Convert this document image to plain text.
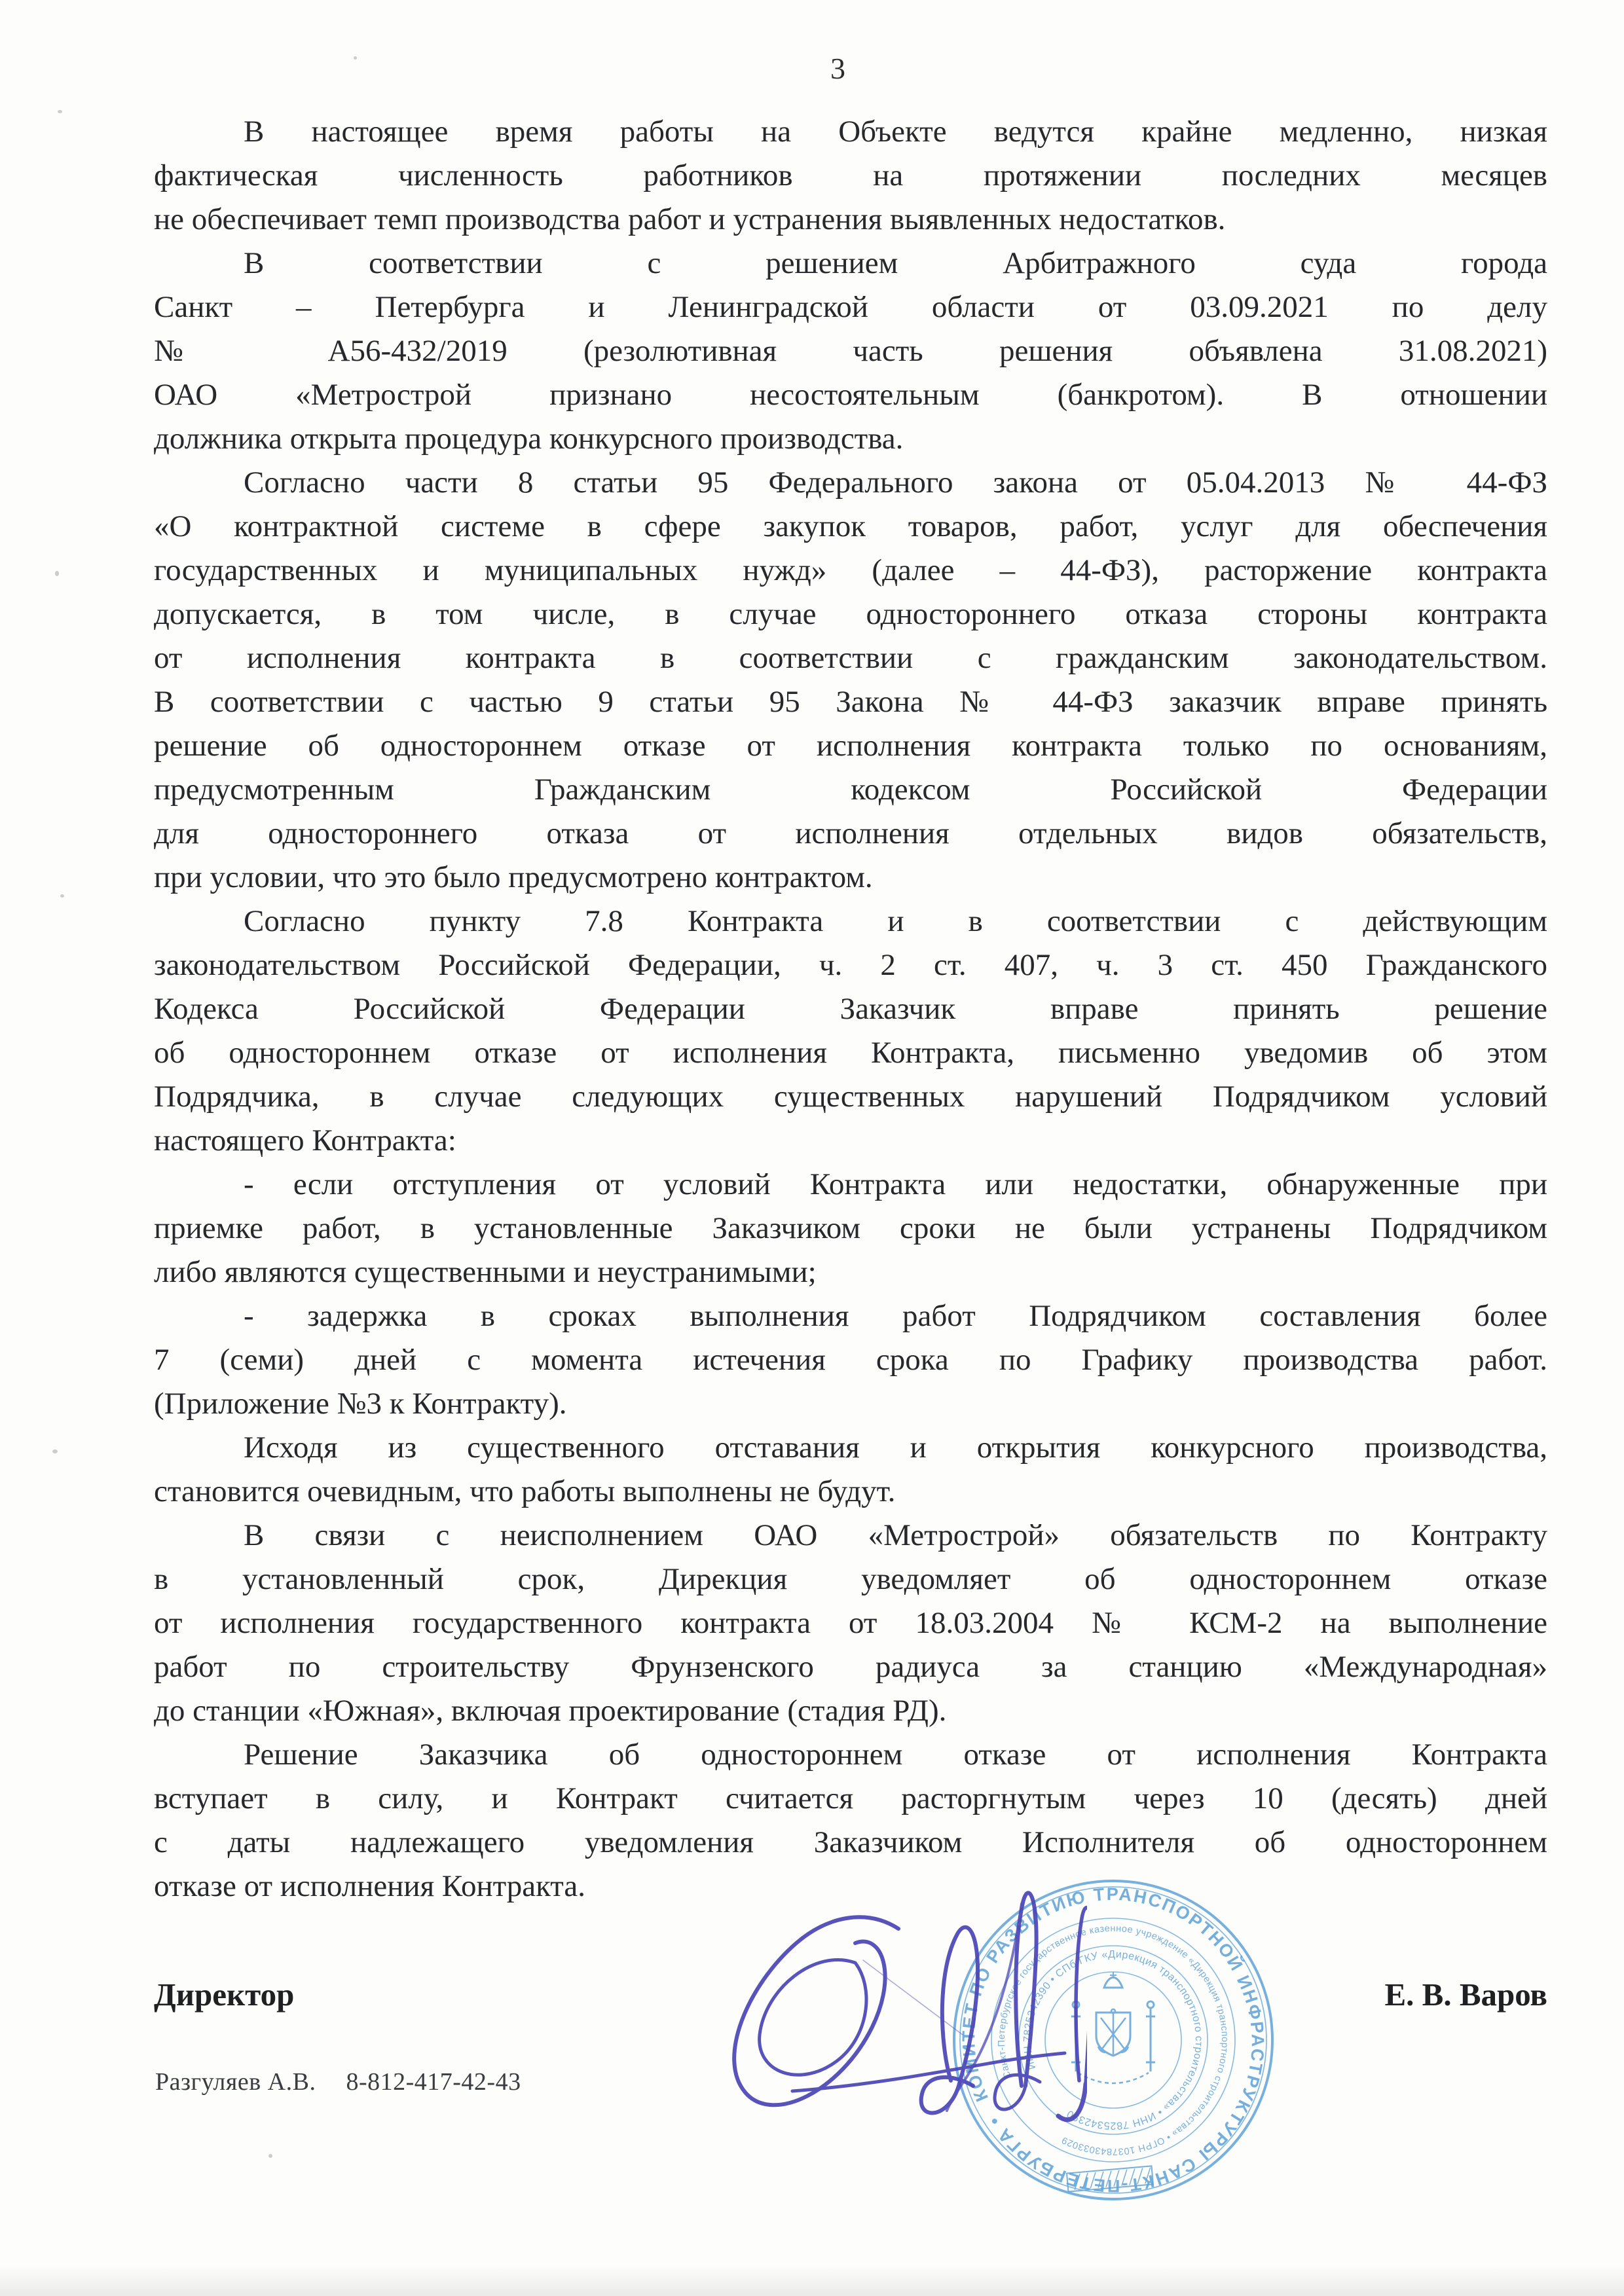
3
В настоящее время работы на Объекте ведутся крайне медленно, низкая
фактическая численность работников на протяжении последних месяцев
не обеспечивает темп производства работ и устранения выявленных недостатков.
В соответствии с решением Арбитражного суда города
Санкт – Петербурга и Ленинградской области от 03.09.2021 по делу
№ А56-432/2019 (резолютивная часть решения объявлена 31.08.2021)
ОАО «Метрострой признано несостоятельным (банкротом). В отношении
должника открыта процедура конкурсного производства.
Согласно части 8 статьи 95 Федерального закона от 05.04.2013 № 44-ФЗ
«О контрактной системе в сфере закупок товаров, работ, услуг для обеспечения
государственных и муниципальных нужд» (далее – 44-ФЗ), расторжение контракта
допускается, в том числе, в случае одностороннего отказа стороны контракта
от исполнения контракта в соответствии с гражданским законодательством.
В соответствии с частью 9 статьи 95 Закона № 44-ФЗ заказчик вправе принять
решение об одностороннем отказе от исполнения контракта только по основаниям,
предусмотренным Гражданским кодексом Российской Федерации
для одностороннего отказа от исполнения отдельных видов обязательств,
при условии, что это было предусмотрено контрактом.
Согласно пункту 7.8 Контракта и в соответствии с действующим
законодательством Российской Федерации, ч. 2 ст. 407, ч. 3 ст. 450 Гражданского
Кодекса Российской Федерации Заказчик вправе принять решение
об одностороннем отказе от исполнения Контракта, письменно уведомив об этом
Подрядчика, в случае следующих существенных нарушений Подрядчиком условий
настоящего Контракта:
- если отступления от условий Контракта или недостатки, обнаруженные при
приемке работ, в установленные Заказчиком сроки не были устранены Подрядчиком
либо являются существенными и неустранимыми;
- задержка в сроках выполнения работ Подрядчиком составления более
7 (семи) дней с момента истечения срока по Графику производства работ.
(Приложение №3 к Контракту).
Исходя из существенного отставания и открытия конкурсного производства,
становится очевидным, что работы выполнены не будут.
В связи с неисполнением ОАО «Метрострой» обязательств по Контракту
в установленный срок, Дирекция уведомляет об одностороннем отказе
от исполнения государственного контракта от 18.03.2004 № КСМ-2 на выполнение
работ по строительству Фрунзенского радиуса за станцию «Международная»
до станции «Южная», включая проектирование (стадия РД).
Решение Заказчика об одностороннем отказе от исполнения Контракта
вступает в силу, и Контракт считается расторгнутым через 10 (десять) дней
с даты надлежащего уведомления Заказчиком Исполнителя об одностороннем
отказе от исполнения Контракта.
КОМИТЕТ ПО РАЗВИТИЮ ТРАНСПОРТНОЙ ИНФРАСТРУКТУРЫ САНКТ-ПЕТЕРБУРГА •
Санкт-Петербургское государственное казенное учреждение «Дирекция транспортного строительства» • ОГРН 1037843033029
ИНН 7825342390 • СПб ГКУ «Дирекция транспортного строительства» • ИНН 7825342390
Директор	Е. В. Варов
Разгуляев А.В. 8-812-417-42-43
